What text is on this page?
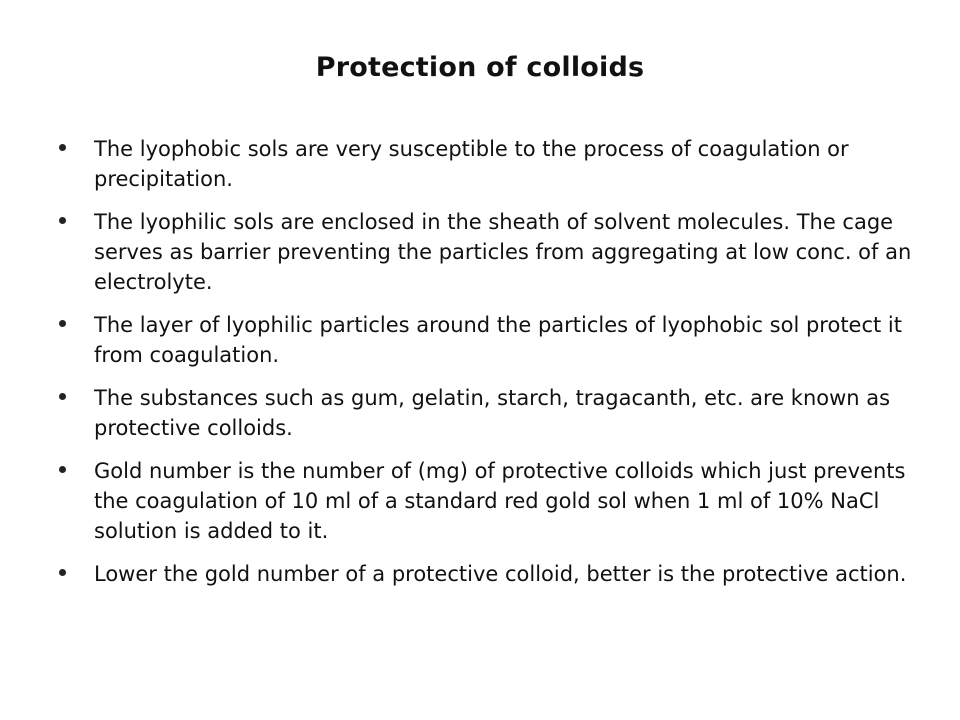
Protection of colloids
The lyophobic sols are very susceptible to the process of coagulation or precipitation.
The lyophilic sols are enclosed in the sheath of solvent molecules. The cage serves as barrier preventing the particles from aggregating at low conc. of an electrolyte.
The layer of lyophilic particles around the particles of lyophobic sol protect it from coagulation.
The substances such as gum, gelatin, starch, tragacanth, etc. are known as protective colloids.
Gold number is the number of (mg) of protective colloids which just prevents the coagulation of 10 ml of a standard red gold sol when 1 ml of 10% NaCl solution is added to it.
Lower the gold number of a protective colloid, better is the protective action.
